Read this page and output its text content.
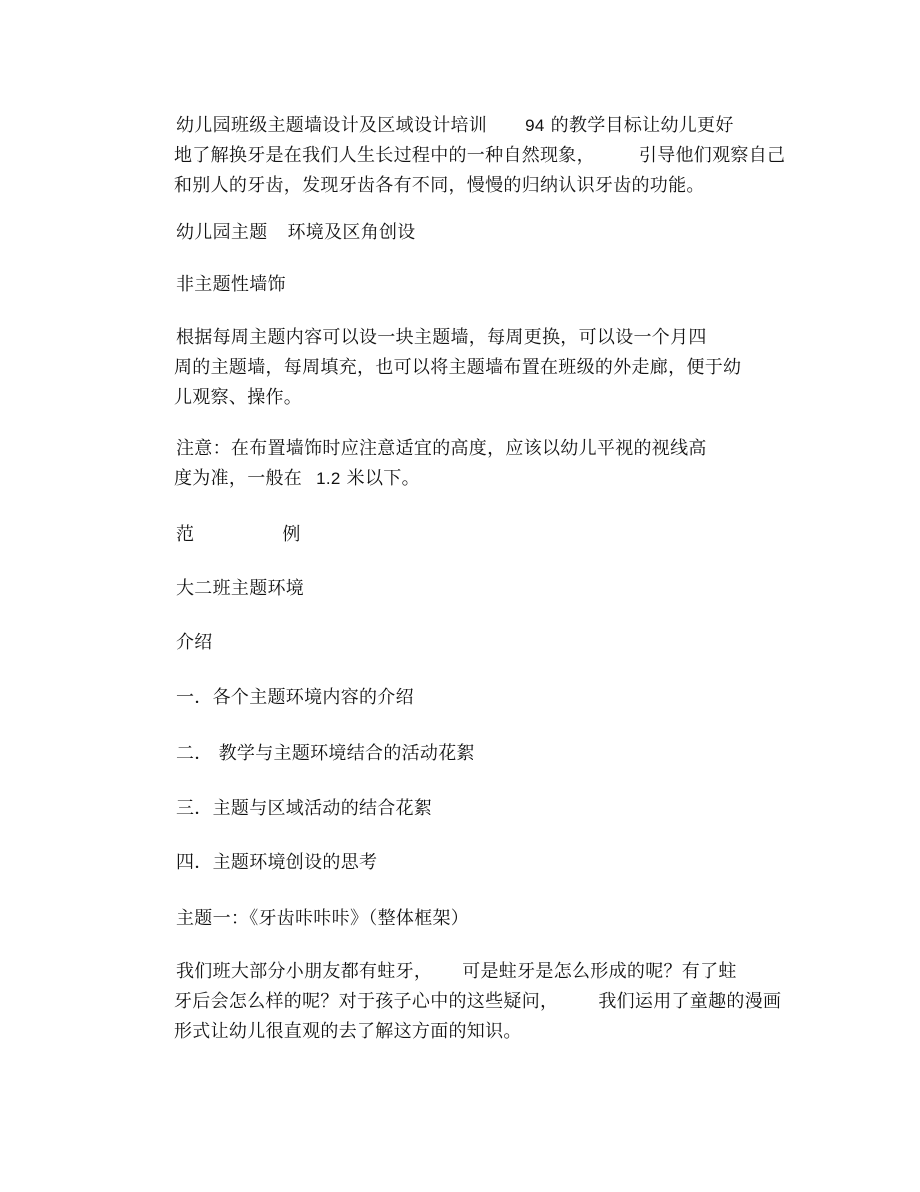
幼儿园班级主题墙设计及区域设计培训 94 的教学目标让幼儿更好
地了解换牙是在我们人生长过程中的一种自然现象， 引导他们观察自己
和别人的牙齿，发现牙齿各有不同，慢慢的归纳认识牙齿的功能。
幼儿园主题 环境及区角创设
非主题性墙饰
根据每周主题内容可以设一块主题墙，每周更换，可以设一个月四
周的主题墙，每周填充，也可以将主题墙布置在班级的外走廊，便于幼
儿观察、操作。
注意：在布置墙饰时应注意适宜的高度，应该以幼儿平视的视线高
度为准，一般在 1.2 米以下。
范	例
大二班主题环境
介绍
一．各个主题环境内容的介绍
二． 教学与主题环境结合的活动花絮
三．主题与区域活动的结合花絮
四．主题环境创设的思考
主题一：《牙齿咔咔咔》（整体框架）
我们班大部分小朋友都有蛀牙， 可是蛀牙是怎么形成的呢？有了蛀
牙后会怎么样的呢？对于孩子心中的这些疑问， 我们运用了童趣的漫画
形式让幼儿很直观的去了解这方面的知识。
